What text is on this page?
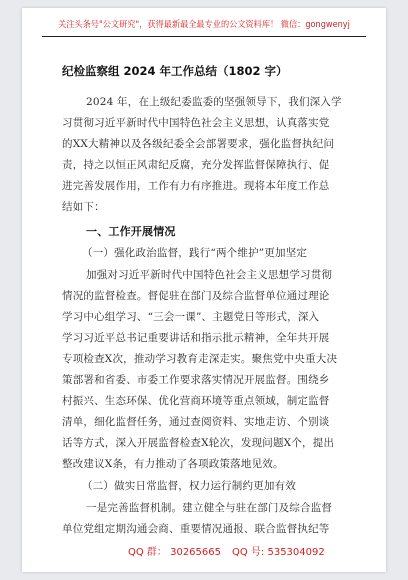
关注头条号"公文研究"，获得最新最全最专业的公文资料库！ 微信：gongwenyj
纪检监察组 2024 年工作总结（1802 字）
2024 年，在上级纪委监委的坚强领导下，我们深入学
习贯彻习近平新时代中国特色社会主义思想，认真落实党
的XX大精神以及各级纪委全会部署要求，强化监督执纪问
责，持之以恒正风肃纪反腐，充分发挥监督保障执行、促
进完善发展作用，工作有力有序推进。现将本年度工作总
结如下：
一、工作开展情况
（一）强化政治监督，践行“两个维护”更加坚定
加强对习近平新时代中国特色社会主义思想学习贯彻
情况的监督检查。督促驻在部门及综合监督单位通过理论
学习中心组学习、“三会一课”、主题党日等形式，深入
学习习近平总书记重要讲话和指示批示精神，全年共开展
专项检查X次，推动学习教育走深走实。聚焦党中央重大决
策部署和省委、市委工作要求落实情况开展监督。围绕乡
村振兴、生态环保、优化营商环境等重点领域，制定监督
清单，细化监督任务，通过查阅资料、实地走访、个别谈
话等方式，深入开展监督检查X轮次，发现问题X个，提出
整改建议X条，有力推动了各项政策落地见效。
（二）做实日常监督，权力运行制约更加有效
一是完善监督机制。建立健全与驻在部门及综合监督
单位党组定期沟通会商、重要情况通报、联合监督执纪等
QQ 群： 30265665 QQ 号: 535304092
